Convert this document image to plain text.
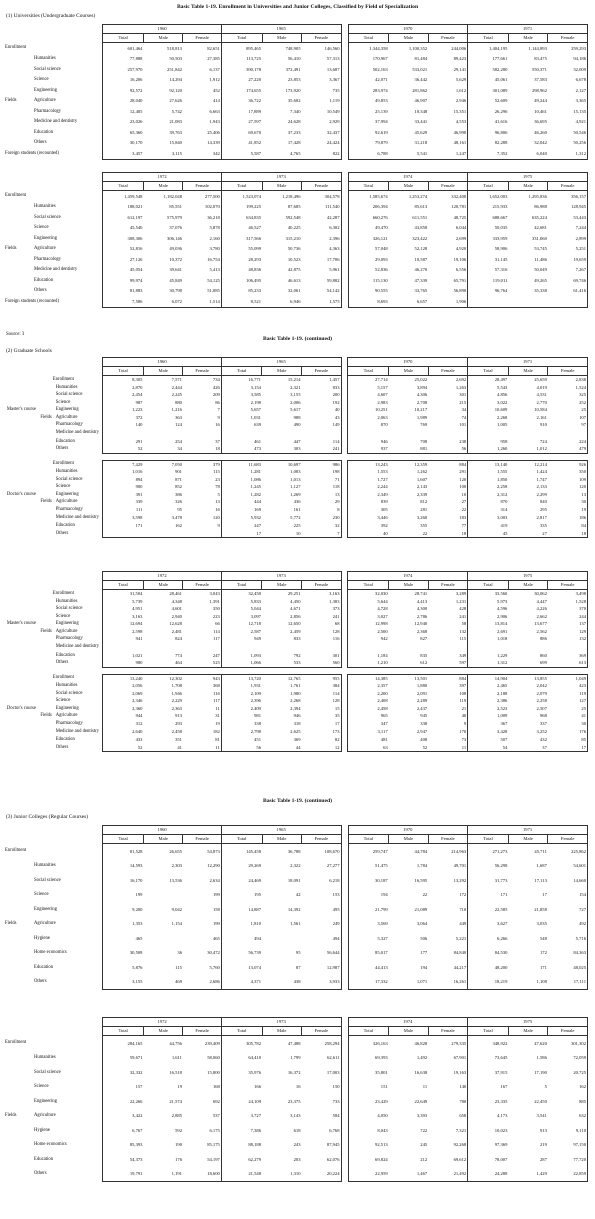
Basic Table 1-19. Enrollment in Universities and Junior Colleges, Classified by Field of Specialization
(1) Universities (Undergraduate Courses)
			1960			1965				1970			1971		
			Total	Male	Female	Total	Male	Female		Total	Male	Female	Total	Male	Female
Enrollment			601,464	518,813	82,651	895,465	748,905	146,560		1,344,358	1,100,352	244,006	1,404,195	1,144,893	259,293
		Humanities	77,888	50,503	27,385	113,725	56,410	57,313		170,967	81,484	89,423	177,661	83,475	94,186
		Social science	257,970	251,842	6,137	390,178	372,491	13,687		502,163	533,021	29,141	582,280	550,371	32,009
		Science	16,206	14,294	1,912	27,220	23,853	3,367		42,071	36,442	5,629	45,061	37,583	6,678
		Engineering	92,572	92,120	452	174,655	173,920	735		283,974	281,862	1,612	301,089	298,962	2,127
Fields		Agriculture	28,040	27,626	414	36,722	35,602	1,119		49,853	46,907	2,946	52,609	49,244	3,365
		Pharmacology	12,405	5,742	6,663	17,889	7,340	10,549		25,139	10,348	15,351	26,296	10,461	15,135
		Medicine and dentistry	23,026	21,083	1,943	27,597	24,628	2,929		37,994	33,441	4,553	41,616	36,695	4,921
		Education	65,360	39,763	25,406	69,670	37,233	32,437		92,619	45,629	46,990	96,806	46,260	50,546
		Others	30,170	15,840	14,339	41,852	17,428	24,424		79,879	31,218	48,161	82,288	32,042	50,256
Foreign students (recounted)			3,457	3,115	342	5,587	4,765	822		6,788	5,541	1,247	7,352	6,040	1,312
			1972			1973				1974			1975		
			Total	Male	Female	Total	Male	Female		Total	Male	Female	Total	Male	Female
Enrollment			1,459,548	1,182,048	277,500	1,523,074	1,218,496	304,578		1,585,674	1,253,274	332,400	1,652,003	1,295,836	356,157
		Humanities	188,021	85,551	102,070	199,225	87,685	111,540		206,394	85,613	120,781	215,933	86,988	128,945
		Social science	612,197	575,979	36,218	634,835	592,548	42,287		660,276	611,551	48,725	688,667	635,224	53,443
		Science	45,540	37,076	5,878	46,527	40,225	6,302		49,470	43,858	6,044	50,035	42,681	7,244
		Engineering	308,306	306,146	2,160	317,566	315,210	2,396		326,121	323,422	2,699	333,959	331,060	2,899
Fields		Agriculture	52,816	49,036	3,780	55,099	50,736	4,363		57,048	52,128	4,920	58,906	53,745	5,251
		Pharmacology	27,126	10,372	16,754	28,293	10,523	17,706		29,093	10,587	19,106	31,145	11,486	19,659
		Medicine and dentistry	45,054	39,641	5,413	48,836	42,875	5,961		52,836	46,270	6,556	57,316	50,049	7,267
		Education	99,974	45,849	54,125	106,495	46,613	59,882		115,130	47,339	65,791	119,011	49,265	69,746
		Others	81,883	30,798	51,085	85,233	32,061	54,142		90,555	33,765	56,890	96,764	35,338	61,416
Foreign students (recounted)			7,586	6,072	1,514	8,521	6,946	1,575		8,693	6,657	1,906			
Source: 3
Basic Table 1-19. (continued)
(2) Graduate Schools
			1960			1965				1970			1971		
			Total	Male	Female	Total	Male	Female		Total	Male	Female	Total	Male	Female
		Enrollment	8,305	7,571	734	16,771	15,214	1,457		27,714	25,022	2,692	28,497	25,659	2,838
		Humanities	2,870	2,444	426	3,154	2,321	833		5,157	3,894	1,263	5,543	4,019	1,524
		Social science	2,454	2,245	209	3,585	3,155	200		4,607	4,306	301	4,856	4,531	325
		Science	987	880	86	2,198	2,006	192		2,983	2,708	215	3,022	2,770	252
Master's course		Engineering	1,223	1,216	7	5,657	5,617	40		10,251	10,217	34	10,609	10,584	25
	Fields	Agriculture	372	363	9	1,031	988	43		2,063	1,989	74	2,268	2,161	107
		Pharmacology	140	124	16	639	490	149		870	769	101	1,005	910	97
		Medicine and dentistry													
		Education	291	254	37	461	447	114		946	708	238	958	724	224
		Others	52	34	18	473	303	241		937	881	56	1,260	1,012	479

		Enrollment	7,429	7,050	379	11,683	10,697	986		13,243	12,359	884	13,140	12,214	926
		Humanities	1,016	901	115	1,281	1,083	198		1,553	1,262	291	1,555	1,424	350
		Social science	894	871	23	1,086	1,013	71		1,727	1,607	120	1,850	1,747	109
		Science	900	852	78	1,245	1,127	118		2,244	2,143	100	2,258	2,133	120
Doctor's course		Engineering	391	386	5	1,282	1,269	13		2,349	2,339	10	2,312	2,299	13
	Fields	Agriculture	339	326	13	444	436	29		839	812	27	870	840	30
		Pharmacology	111	95	16	169	161	8		305	281	22	314	295	19
		Medicine and dentistry	3,598	3,478	120	5,932	5,772	230		3,446	3,260	183	3,003	2,817	186
		Education	171	162	9	247	225	32		392	355	77	419	335	84
		Others				17	10	7		40	22	18	45	27	18
			1972			1973				1974			1975		
			Total	Male	Female	Total	Male	Female		Total	Male	Female	Total	Male	Female
		Enrollment	31,504	28,461	3,043	32,458	29,251	3,163		32,030	28,741	3,289	33,560	30,062	3,498
		Humanities	5,739	4,348	1,391	5,833	4,450	1,383		5,644	4,413	1,231	5,973	4,447	1,528
		Social science	4,951	4,601	350	5,044	4,671	373		4,728	4,300	428	4,596	4,226	370
		Science	3,163	2,940	223	3,097	2,856	241		3,027	2,786	241	2,906	2,662	244
Master's course		Engineering	12,694	12,628	66	12,718	12,650	68		12,998	12,940	58	13,814	13,677	137
	Fields	Agriculture	2,598	2,481	114	2,587	2,459	128		2,500	2,368	132	2,691	2,562	129
		Pharmacology	941	824	117	949	833	116		942	827	115	1,018	886	132
		Medicine and dentistry													
		Education	1,021	774	247	1,093	792	301		1,184	835	349	1,229	860	369
		Others	980	464	525	1,066	533	560		1,210	612	597	1,312	699	613

		Enrollment	13,240	12,302	943	13,720	12,765	955		14,385	13,501	884	14,904	13,855	1,049
		Humanities	2,056	1,708	368	1,931	1,761	384		2,357	1,880	397	2,465	2,042	423
		Social science	2,069	1,946	116	2,109	1,980	114		2,200	2,091	108	2,188	2,079	119
		Science	2,346	2,229	117	2,396	2,268	128		2,408	2,289	119	2,386	2,258	127
Doctor's course		Engineering	2,360	2,363	11	2,409	2,394	15		2,458	2,437	21	2,523	2,507	25
	Fields	Agriculture	944	913	31	981	946	35		965	945	40	1,009	968	41
		Pharmacology	312	293	19	338	318	17		347	338	9	367	337	30
		Medicine and dentistry	2,640	2,458	182	2,798	2,625	173		3,117	2,947	170	3,428	3,252	176
		Education	433	351	81	451	369	82		481	408	73	507	432	85
		Others	52	41	11	56	44	12		63	52	11	54	37	17
Basic Table 1-19. (continued)
(3) Junior Colleges (Regular Courses)
			1960			1965				1970			1971		
			Total	Male	Female	Total	Male	Female		Total	Male	Female	Total	Male	Female
Enrollment			81,528	26,655	54,873	145,458	36,788	108,670		259,747	44,784	214,963	271,273	45,711	225,862
		Humanities	14,593	2,303	12,290	29,269	2,322	27,277		51,475	1,784	49,701	56,298	1,687	54,601
		Social science	16,170	13,536	2,634	24,469	18,091	6,218		30,187	16,595	13,292	31,773	17,113	14,660
		Science	199		199	195	42	153		194	22	172	171	17	154
		Engineering	9,200	9,042	158	14,887	14,392	495		21,799	21,089	710	22,585	21,858	727
Fields		Agriculture	1,353	1,154	199	1,810	1,561	249		3,569	3,064	449	3,627	3,035	492
		Hygiene	465		465	494		494		5,327	506	5,221	6,266	548	5,716
		Home economics	30,508	36	30,472	56,739	95	56,644		85,017	177	84,840	84,530	172	84,363
		Education	5,876	115	5,760	13,074	87	12,987		44,413	194	44,217	48,200	171	48,025
		Others	3,155	469	2,686	4,371	438	3,933		17,332	1,071	16,261	18,219	1,108	17,111
			1972			1973				1974			1975		
			Total	Male	Female	Total	Male	Female		Total	Male	Female	Total	Male	Female
Enrollment			284,165	44,756	239,409	305,782	47,488	258,294		326,163	46,828	279,335	348,922	47,620	301,302
		Humanities	59,671	1,611	58,060	64,410	1,799	62,611		69,393	1,492	67,901	73,645	1,586	72,059
		Social science	32,332	16,518	15,800	35,976	16,372	17,003		35,801	16,638	19,163	37,915	17,190	20,725
		Science	157	19	168	166	16	150		151	11	140	167	5	162
		Engineering	22,266	21,574	692	24,109	23,375	733		23,429	22,649	780	23,335	22,450	885
Fields		Agriculture	3,422	2,885	537	3,727	3,143	584		4,050	3,393	658	4,173	3,541	632
		Hygiene	6,767	592	6,175	7,386	618	6,768		8,043	722	7,321	10,023	913	9,110
		Home economics	85,393	190	85,175	88,188	243	87,945		92,513	245	92,268	97,369	219	97,150
		Education	54,373	176	54,197	62,279	203	62,076		69,824	212	69,612	78,007	287	77,720
		Others	19,791	1,191	18,600	21,548	1,310	20,224		22,959	1,467	21,492	24,288	1,429	22,859
